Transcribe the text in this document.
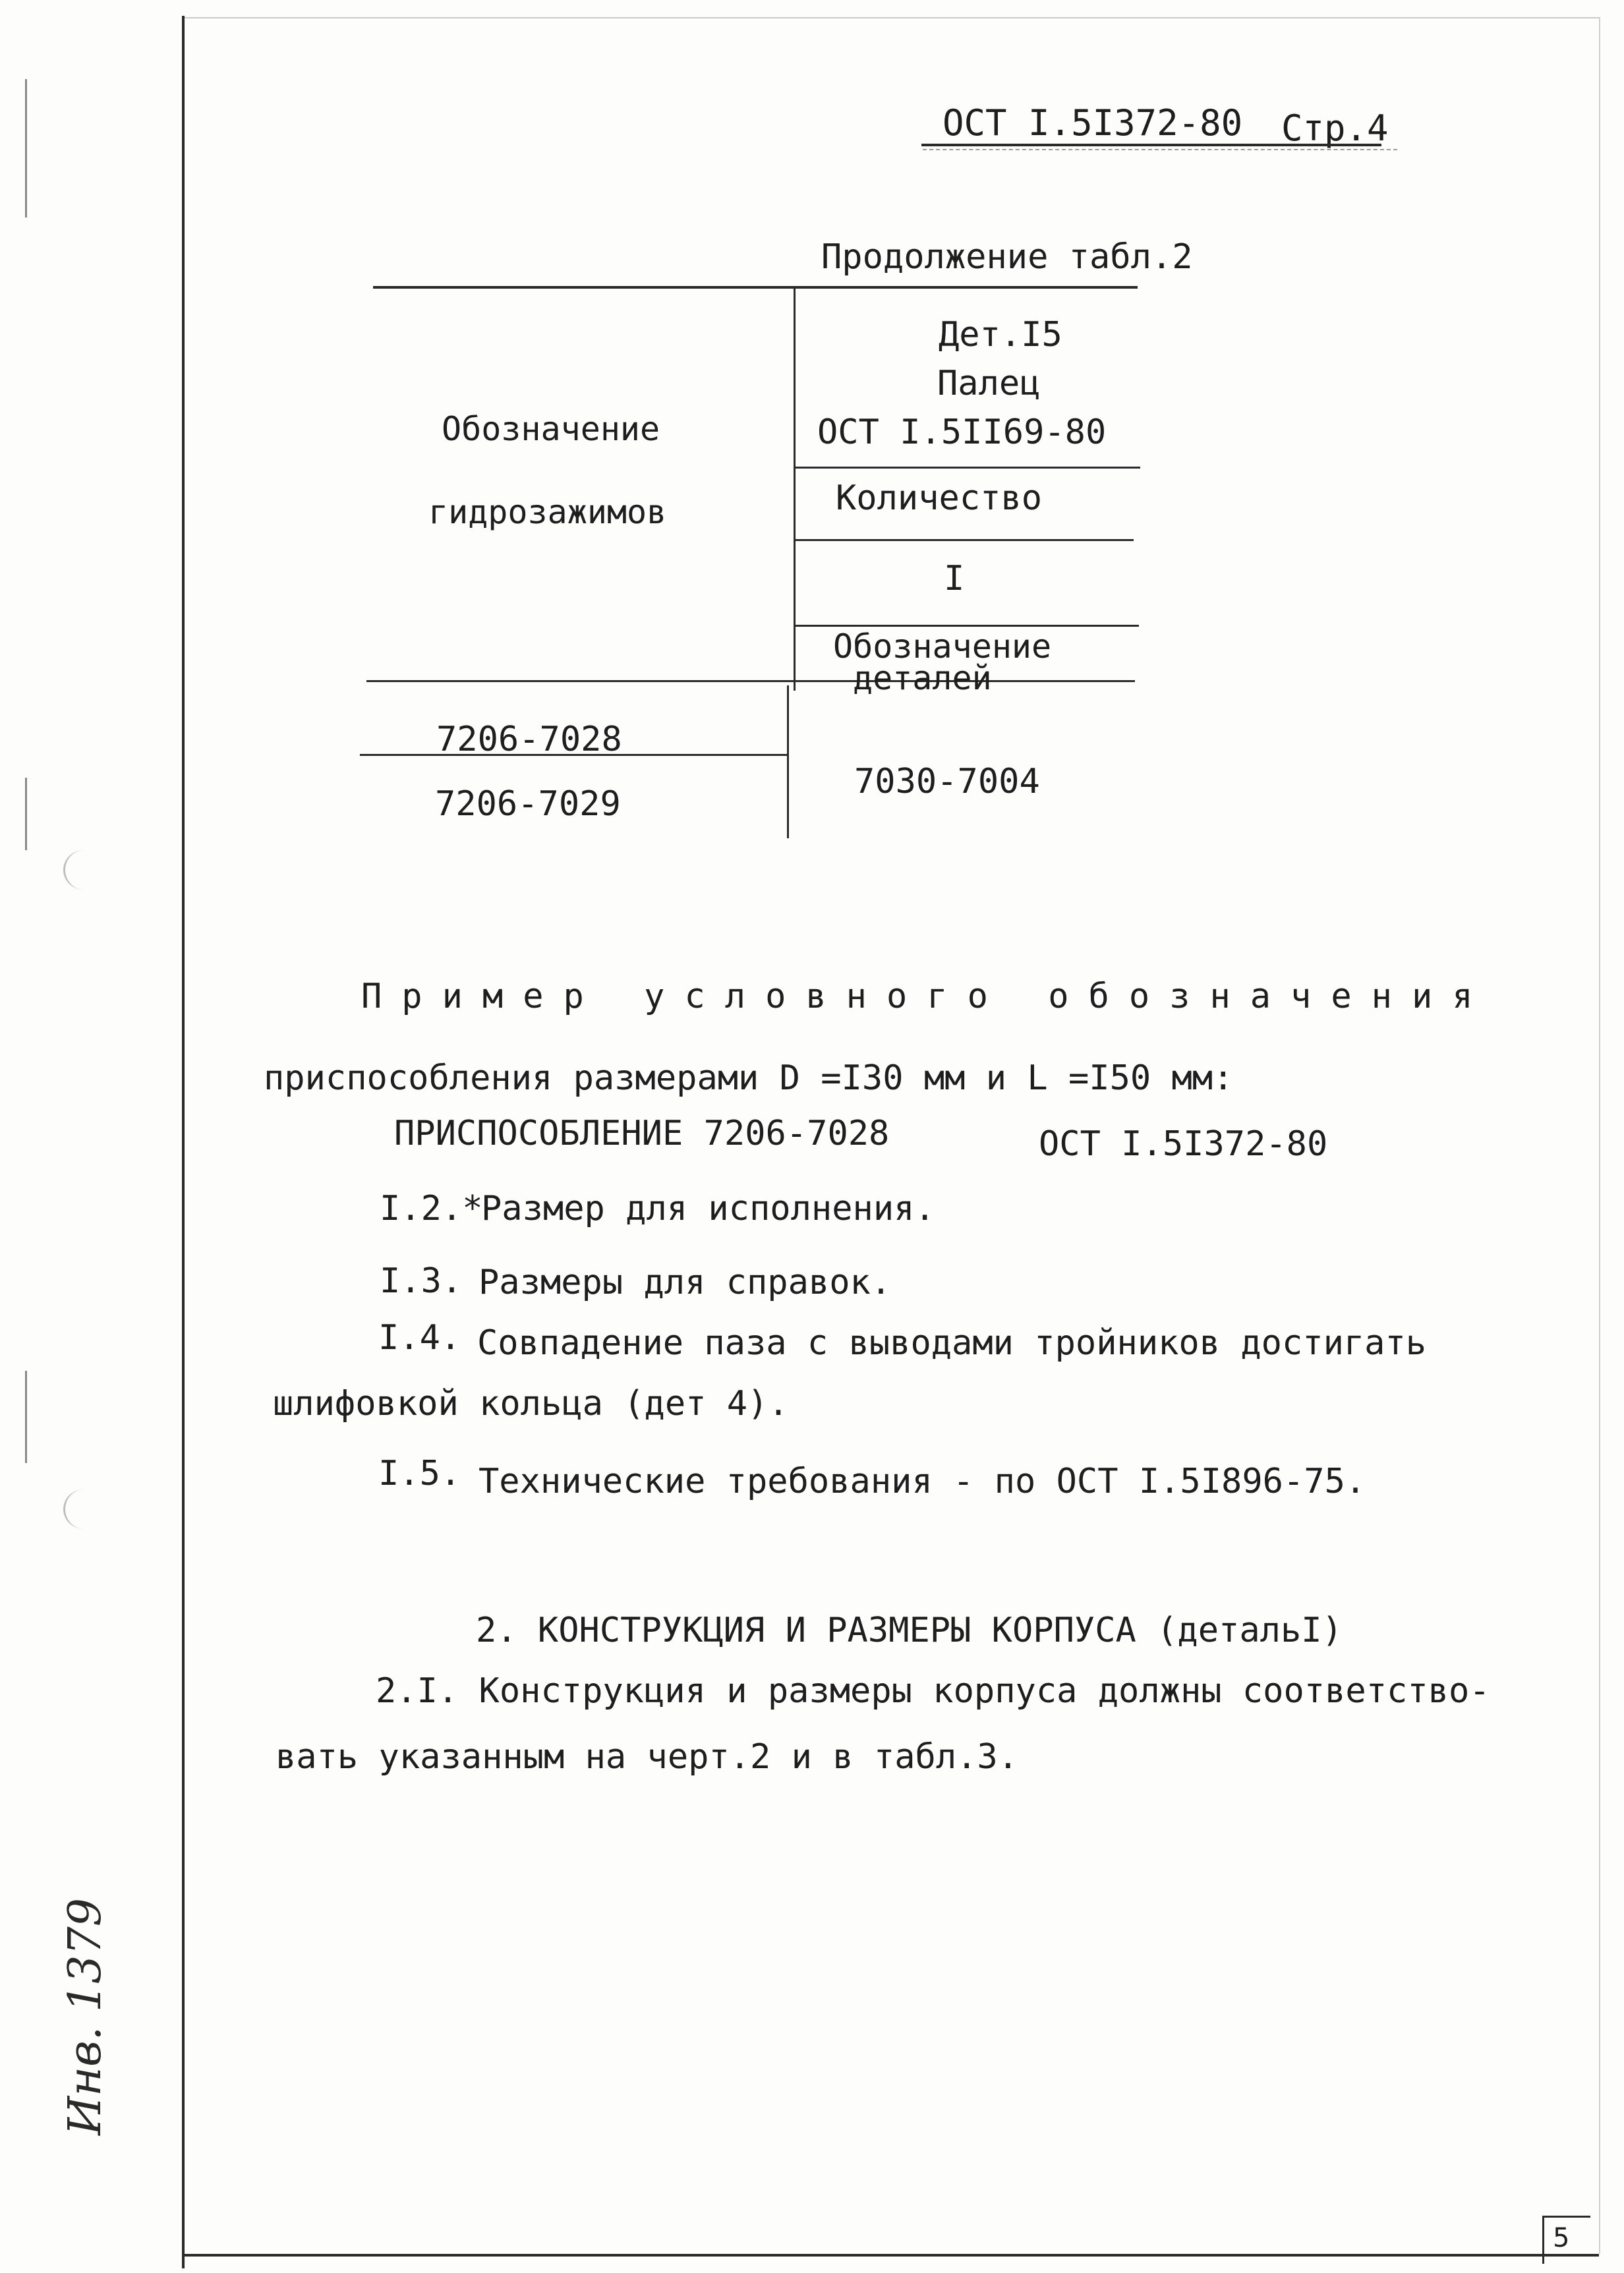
ОСТ I.5I372-80 Стр.4
Продолжение табл.2
Обозначение
гидрозажимов
Дет.I5
Палец
ОСТ I.5II69-80
Количество
I
Обозначение
деталей
7206-7028
7206-7029
7030-7004
Пример условного обозначения
приспособления размерами D =I30 мм и L =I50 мм:
ПРИСПОСОБЛЕНИЕ 7206-7028	ОСТ I.5I372-80
I.2.*
Размер для исполнения.
I.3. Размеры для справок.
I.4. Совпадение паза с выводами тройников достигать
шлифовкой кольца (дет 4).
I.5. Технические требования - по ОСТ I.5I896-75.
2. КОНСТРУКЦИЯ И РАЗМЕРЫ КОРПУСА (детальI)
2.I. Конструкция и размеры корпуса должны соответство-
вать указанным на черт.2 и в табл.3.
Инв. 1379
5
